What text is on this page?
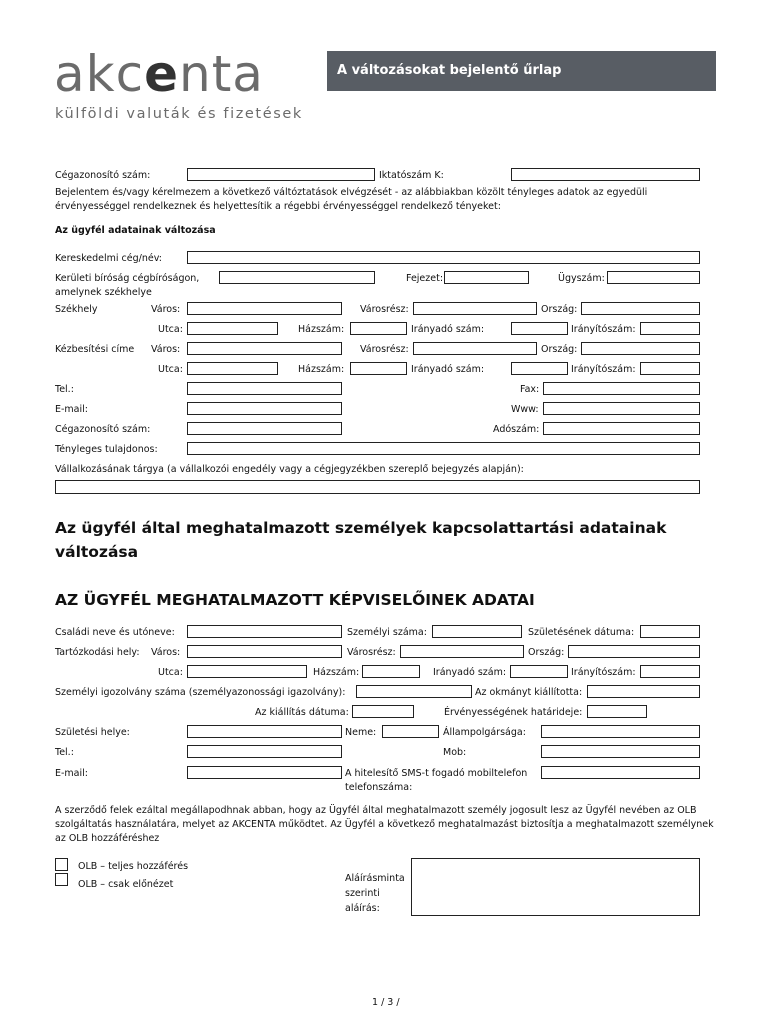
akcenta
külföldi valuták és fizetések
A változásokat bejelentő űrlap
Cégazonosító szám:	Iktatószám K:
Bejelentem és/vagy kérelmezem a következő váltóztatások elvégzését - az alábbiakban közölt tényleges adatok az egyedüli érvényességgel rendelkeznek és helyettesítik a régebbi érvényességgel rendelkező tényeket:
Az ügyfél adatainak változása
Kereskedelmi cég/név:
Kerületi bíróság cégbíróságon,
amelynek székhelye
Fejezet:	Ügyszám:
Székhely	Város:	Városrész:	Ország:
Utca:	Házszám:	Irányadó szám:	Irányítószám:
Kézbesítési címe Város:	Városrész:	Ország:
Utca:	Házszám:	Irányadó szám:	Irányítószám:
Tel.:	Fax:
E-mail:	Www:
Cégazonosító szám:	Adószám:
Tényleges tulajdonos:
Vállalkozásának tárgya (a vállalkozói engedély vagy a cégjegyzékben szereplő bejegyzés alapján):
Az ügyfél által meghatalmazott személyek kapcsolattartási adatainak változása
AZ ÜGYFÉL MEGHATALMAZOTT KÉPVISELŐINEK ADATAI
Családi neve és utóneve:	Személyi száma:	Születésének dátuma:
Tartózkodási hely: Város:	Városrész:	Ország:
Utca:	Házszám:	Irányadó szám:	Irányítószám:
Személyi igozolvány száma (személyazonossági igazolvány):	Az okmányt kiállította:
Az kiállítás dátuma:	Érvényességének határideje:
Születési helye:	Neme:	Állampolgársága:
Tel.:	Mob:
E-mail:	A hitelesítő SMS-t fogadó mobiltelefon
telefonszáma:
A szerződő felek ezáltal megállapodhnak abban, hogy az Ügyfél által meghatalmazott személy jogosult lesz az Ügyfél nevében az OLB szolgáltatás használatára, melyet az AKCENTA működtet. Az Ügyfél a következő meghatalmazást biztosítja a meghatalmazott személynek az OLB hozzáféréshez
OLB – teljes hozzáférés
OLB – csak előnézet
Aláírásminta
szerinti
aláírás:
1 / 3 /
